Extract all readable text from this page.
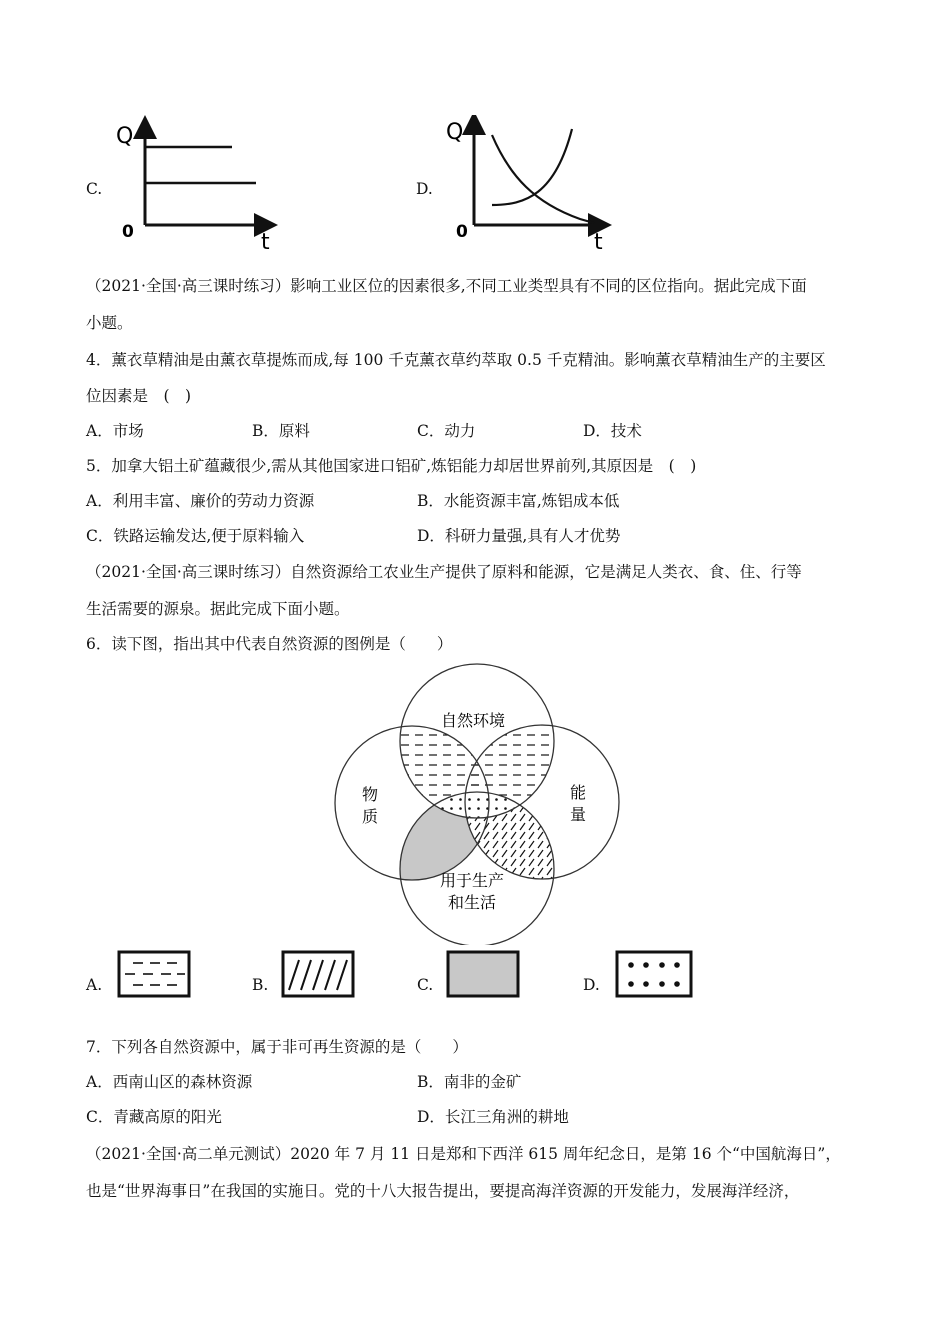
C.
Q
0	t
D.
Q
0	t
（2021·全国·高三课时练习）影响工业区位的因素很多,不同工业类型具有不同的区位指向。据此完成下面
小题。
4．薰衣草精油是由薰衣草提炼而成,每 100 千克薰衣草约萃取 0.5 千克精油。影响薰衣草精油生产的主要区
位因素是　(　)
A．市场	B．原料	C．动力	D．技术
5．加拿大铝土矿蕴藏很少,需从其他国家进口铝矿,炼铝能力却居世界前列,其原因是　(　)
A．利用丰富、廉价的劳动力资源	B．水能资源丰富,炼铝成本低
C．铁路运输发达,便于原料输入	D．科研力量强,具有人才优势
（2021·全国·高三课时练习）自然资源给工农业生产提供了原料和能源，它是满足人类衣、食、住、行等
生活需要的源泉。据此完成下面小题。
6．读下图，指出其中代表自然资源的图例是（　　）
自然环境
物
质
能
量
用于生产
和生活
A.	B.	C.	D.
7．下列各自然资源中，属于非可再生资源的是（　　）
A．西南山区的森林资源	B．南非的金矿
C．青藏高原的阳光	D．长江三角洲的耕地
（2021·全国·高二单元测试）2020 年 7 月 11 日是郑和下西洋 615 周年纪念日，是第 16 个“中国航海日”，
也是“世界海事日”在我国的实施日。党的十八大报告提出，要提高海洋资源的开发能力，发展海洋经济，
